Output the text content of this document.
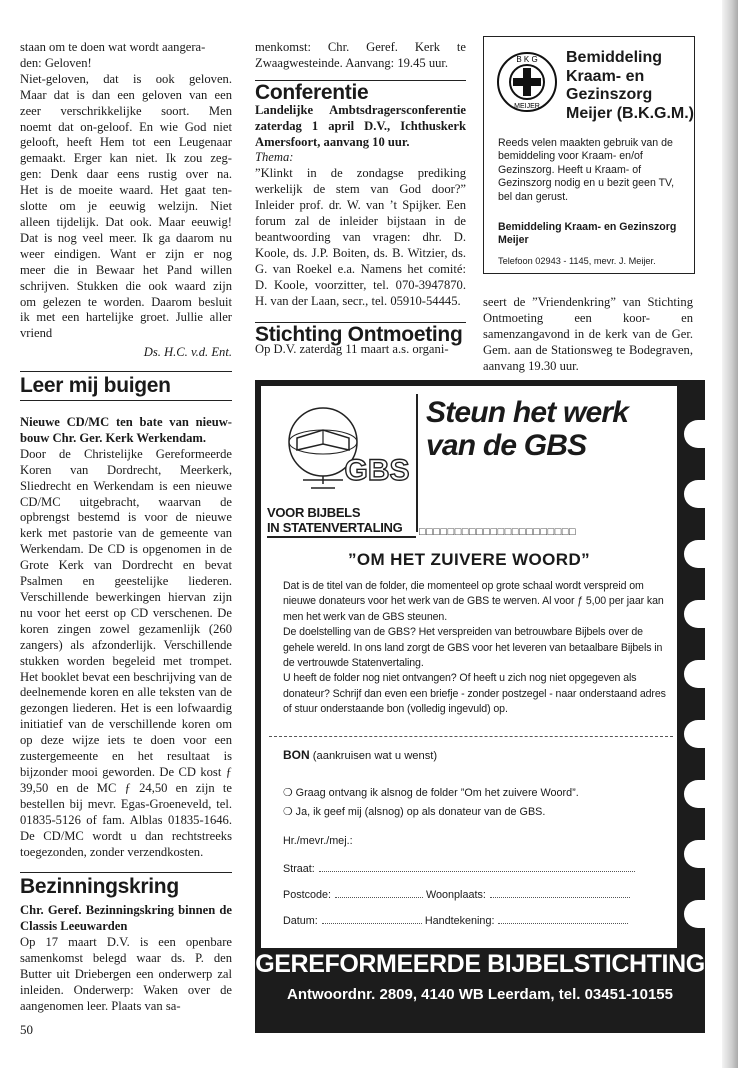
staan om te doen wat wordt aangera-

den: Geloven!

Niet-geloven, dat is ook geloven.

Maar dat is dan een geloven van een

zeer verschrikkelijke soort. Men

noemt dat on-geloof. En wie God niet

gelooft, heeft Hem tot een Leugenaar

gemaakt. Erger kan niet. Ik zou zeg-

gen: Denk daar eens rustig over na.

Het is de moeite waard. Het gaat ten-

slotte om je eeuwig welzijn. Niet

alleen tijdelijk. Dat ook. Maar eeuwig!

Dat is nog veel meer. Ik ga daarom nu

weer eindigen. Want er zijn er nog

meer die in Bewaar het Pand willen

schrijven. Stukken die ook waard zijn

om gelezen te worden. Daarom besluit

ik met een hartelijke groet. Jullie aller

vriend

Ds. H.C. v.d. Ent.

Leer mij buigen

Nieuwe CD/MC ten bate van nieuw-bouw Chr. Ger. Kerk Werkendam.

Door de Christelijke Gereformeerde Koren van Dordrecht, Meerkerk, Sliedrecht en Werkendam is een nieuwe CD/MC uitgebracht, waarvan de opbrengst bestemd is voor de nieuwe kerk met pastorie van de gemeente van Werkendam. De CD is opgenomen in de Grote Kerk van Dordrecht en bevat Psalmen en geestelijke liederen. Verschillende bewerkingen hiervan zijn nu voor het eerst op CD verschenen. De koren zingen zowel gezamenlijk (260 zangers) als afzonderlijk. Verschillende stukken worden begeleid met trompet. Het booklet bevat een beschrijving van de deelnemende koren en alle teksten van de gezongen liederen. Het is een lofwaardig initiatief van de verschillende koren om op deze wijze iets te doen voor een zustergemeente en het resultaat is bijzonder mooi geworden. De CD kost ƒ 39,50 en de MC ƒ 24,50 en zijn te bestellen bij mevr. Egas-Groeneveld, tel. 01835-5126 of fam. Alblas 01835-1646. De CD/MC wordt u dan rechtstreeks toegezonden, zonder verzendkosten.

Bezinningskring

Chr. Geref. Bezinningskring binnen de Classis Leeuwarden

Op 17 maart D.V. is een openbare samenkomst belegd waar ds. P. den Butter uit Driebergen een onderwerp zal inleiden. Onderwerp: Waken over de aangenomen leer. Plaats van sa-

menkomst: Chr. Geref. Kerk te Zwaagwesteinde. Aanvang: 19.45 uur.

Conferentie

Landelijke Ambtsdragersconferentie zaterdag 1 april D.V., Ichthuskerk Amersfoort, aanvang 10 uur.

Thema:

”Klinkt in de zondagse prediking werkelijk de stem van God door?” Inleider prof. dr. W. van ’t Spijker. Een forum zal de inleider bijstaan in de beantwoording van vragen: dhr. D. Koole, ds. J.P. Boiten, ds. B. Witzier, ds. G. van Roekel e.a. Namens het comité: D. Koole, voorzitter, tel. 070-3947870. H. van der Laan, secr., tel. 05910-54445.

Stichting Ontmoeting

Op D.V. zaterdag 11 maart a.s. organi-

seert de ”Vriendenkring” van Stichting Ontmoeting een koor- en samenzangavond in de kerk van de Ger. Gem. aan de Stationsweg te Bodegraven, aanvang 19.30 uur.

B K G
MEIJER
Bemiddeling
Kraam- en
Gezinszorg
Meijer (B.K.G.M.)
Reeds velen maakten gebruik van de bemiddeling voor Kraam- en/of Gezinszorg. Heeft u Kraam- of Gezinszorg nodig en u bezit geen TV, bel dan gerust.
Bemiddeling Kraam- en Gezinszorg Meijer
Telefoon 02943 - 1145, mevr. J. Meijer.
GBS
Steun het werk
van de GBS
VOOR BIJBELS
IN STATENVERTALING □□□□□□□□□□□□□□□□□□□□□□
”OM HET ZUIVERE WOORD”
Dat is de titel van de folder, die momenteel op grote schaal wordt verspreid om nieuwe donateurs voor het werk van de GBS te werven. Al voor ƒ 5,00 per jaar kan men het werk van de GBS steunen.
De doelstelling van de GBS? Het verspreiden van betrouwbare Bijbels over de gehele wereld. In ons land zorgt de GBS voor het leveren van betaalbare Bijbels in de vertrouwde Statenvertaling.
U heeft de folder nog niet ontvangen? Of heeft u zich nog niet opgegeven als donateur? Schrijf dan even een briefje - zonder postzegel - naar onderstaand adres of stuur onderstaande bon (volledig ingevuld) op.
BON (aankruisen wat u wenst)
❍ Graag ontvang ik alsnog de folder ”Om het zuivere Woord”.
❍ Ja, ik geef mij (alsnog) op als donateur van de GBS.
Hr./mevr./mej.:
Straat:
Postcode:	Woonplaats:
Datum:	Handtekening:
GEREFORMEERDE BIJBELSTICHTING
Antwoordnr. 2809, 4140 WB Leerdam, tel. 03451-10155
50
